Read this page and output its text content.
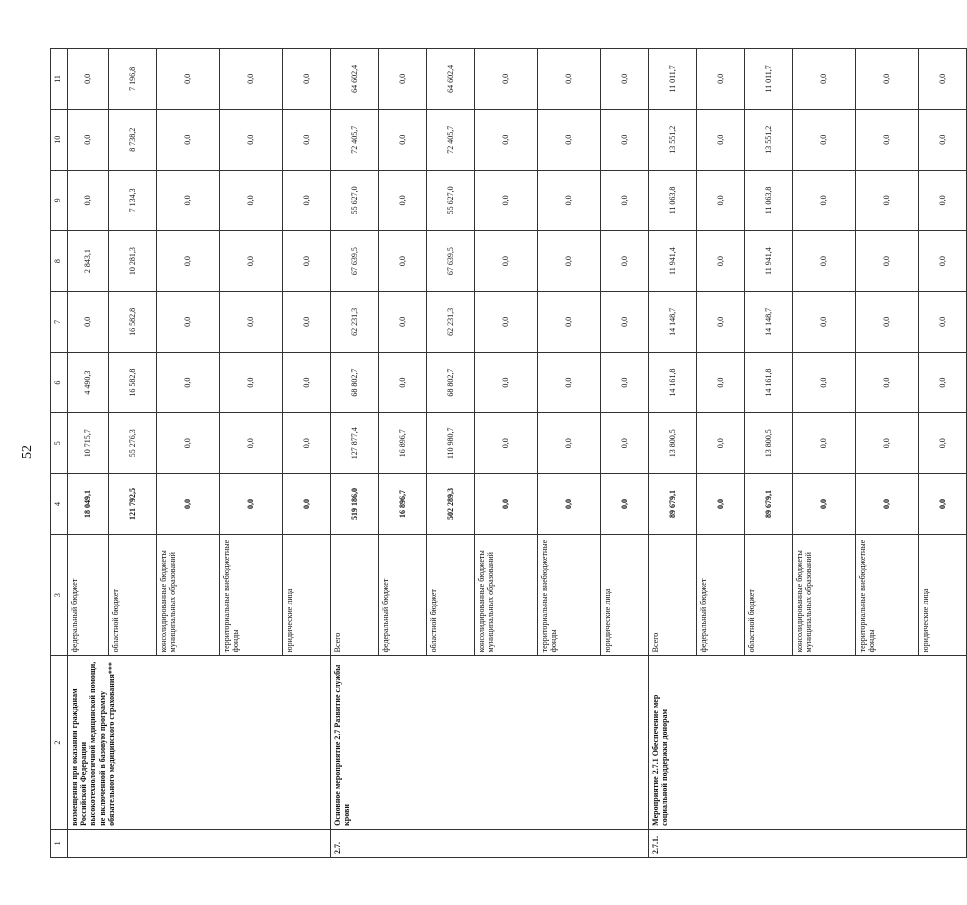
52
1	2	3	4	5	6	7	8	9	10	11
	возмещения при оказании гражданам Российской Федерации высокотехнологичной медицинской помощи, не включенной в базовую программу обязательного медицинского страхования***	федеральный бюджет	18 049,1	10 715,7	4 490,3	0,0	2 843,1	0,0	0,0	0,0
		областной бюджет	121 792,5	55 276,3	16 582,8	16 582,8	10 281,3	7 134,3	8 738,2	7 196,8
		консолидированные бюджеты муниципальных образований	0,0	0,0	0,0	0,0	0,0	0,0	0,0	0,0
		территориальные внебюджетные фонды	0,0	0,0	0,0	0,0	0,0	0,0	0,0	0,0
		юридические лица	0,0	0,0	0,0	0,0	0,0	0,0	0,0	0,0
2.7.	Основное мероприятие 2.7 Развитие службы крови	Всего	519 186,0	127 877,4	68 802,7	62 231,3	67 639,5	55 627,0	72 405,7	64 602,4
		федеральный бюджет	16 896,7	16 896,7	0,0	0,0	0,0	0,0	0,0	0,0
		областной бюджет	502 289,3	110 980,7	68 802,7	62 231,3	67 639,5	55 627,0	72 405,7	64 602,4
		консолидированные бюджеты муниципальных образований	0,0	0,0	0,0	0,0	0,0	0,0	0,0	0,0
		территориальные внебюджетные фонды	0,0	0,0	0,0	0,0	0,0	0,0	0,0	0,0
		юридические лица	0,0	0,0	0,0	0,0	0,0	0,0	0,0	0,0
2.7.1.	Мероприятие 2.7.1 Обеспечение мер социальной поддержки донорам	Всего	89 679,1	13 800,5	14 161,8	14 148,7	11 941,4	11 063,8	13 551,2	11 011,7
		федеральный бюджет	0,0	0,0	0,0	0,0	0,0	0,0	0,0	0,0
		областной бюджет	89 679,1	13 800,5	14 161,8	14 148,7	11 941,4	11 063,8	13 551,2	11 011,7
		консолидированные бюджеты муниципальных образований	0,0	0,0	0,0	0,0	0,0	0,0	0,0	0,0
		территориальные внебюджетные фонды	0,0	0,0	0,0	0,0	0,0	0,0	0,0	0,0
		юридические лица	0,0	0,0	0,0	0,0	0,0	0,0	0,0	0,0
